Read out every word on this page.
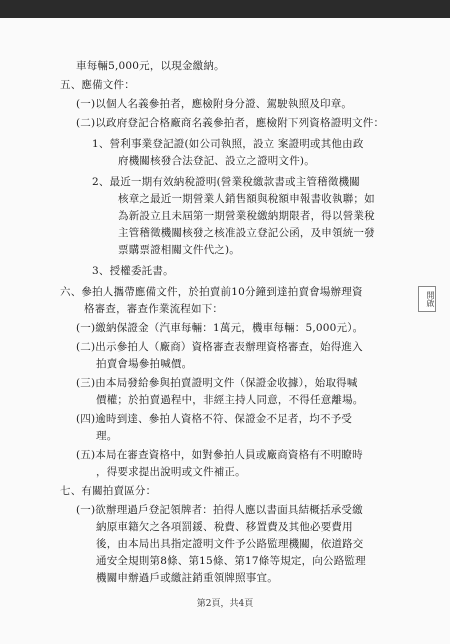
車每輛5,000元，以現金繳納。
五、應備文件：
(一)以個人名義參拍者，應檢附身分證、駕駛執照及印章。
(二)以政府登記合格廠商名義參拍者，應檢附下列資格證明文件：
1、營利事業登記證(如公司執照，設立 案證明或其他由政
府機關核發合法登記、設立之證明文件)。
2、最近一期有效納稅證明(營業稅繳款書或主管稽徵機關
核章之最近一期營業人銷售額與稅額申報書收執聯；如
為新設立且未屆第一期營業稅繳納期限者，得以營業稅
主管稽徵機關核發之核准設立登記公函，及申領統一發
票購票證相關文件代之)。
3、授權委託書。
六、參拍人攜帶應備文件，於拍賣前10分鐘到達拍賣會場辦理資
格審查，審查作業流程如下：
(一)繳納保證金（汽車每輛：1萬元，機車每輛：5,000元）。
(二)出示參拍人（廠商）資格審查表辦理資格審查，始得進入
拍賣會場參拍喊價。
(三)由本局發給參與拍賣證明文件（保證金收據），始取得喊
價權；於拍賣過程中，非經主持人同意，不得任意離場。
(四)逾時到達、參拍人資格不符、保證金不足者，均不予受
理。
(五)本局在審查資格中，如對參拍人員或廠商資格有不明瞭時
，得要求提出說明或文件補正。
七、有關拍賣區分：
(一)欲辦理過戶登記領牌者：拍得人應以書面具結概括承受繳
納原車籍欠之各項罰鍰、稅費、移置費及其他必要費用
後，由本局出具指定證明文件予公路監理機關，依道路交
通安全規則第8條、第15條、第17條等規定，向公路監理
機關申辦過戶或繳註銷重領牌照事宜。
開啟
第2頁，共4頁
